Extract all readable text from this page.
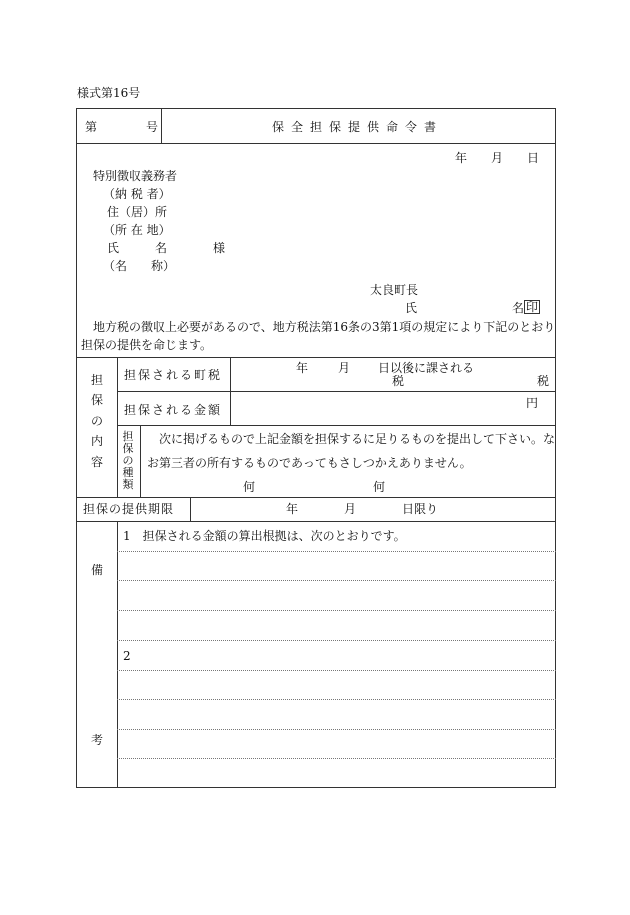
様式第16号
第	号	保全担保提供命令書
年 月 日
特別徴収義務者
（納 税 者）
住（居）所
（所 在 地）
氏	名	様
（名　　称）
太良町長
氏	名 印
地方税の徴収上必要があるので、地方税法第16条の3第1項の規定により下記のとおり
担保の提供を命じます。
担
保
の
内
容
担保される町税	年 月 日以後に課される
税	税
担保される金額	円
担
保
の
種
類
次に掲げるもので上記金額を担保するに足りるものを提出して下さい。な
お第三者の所有するものであってもさしつかえありません。
何	何
担保の提供期限	年	月	日限り
備
考
1　担保される金額の算出根拠は、次のとおりです。
2
